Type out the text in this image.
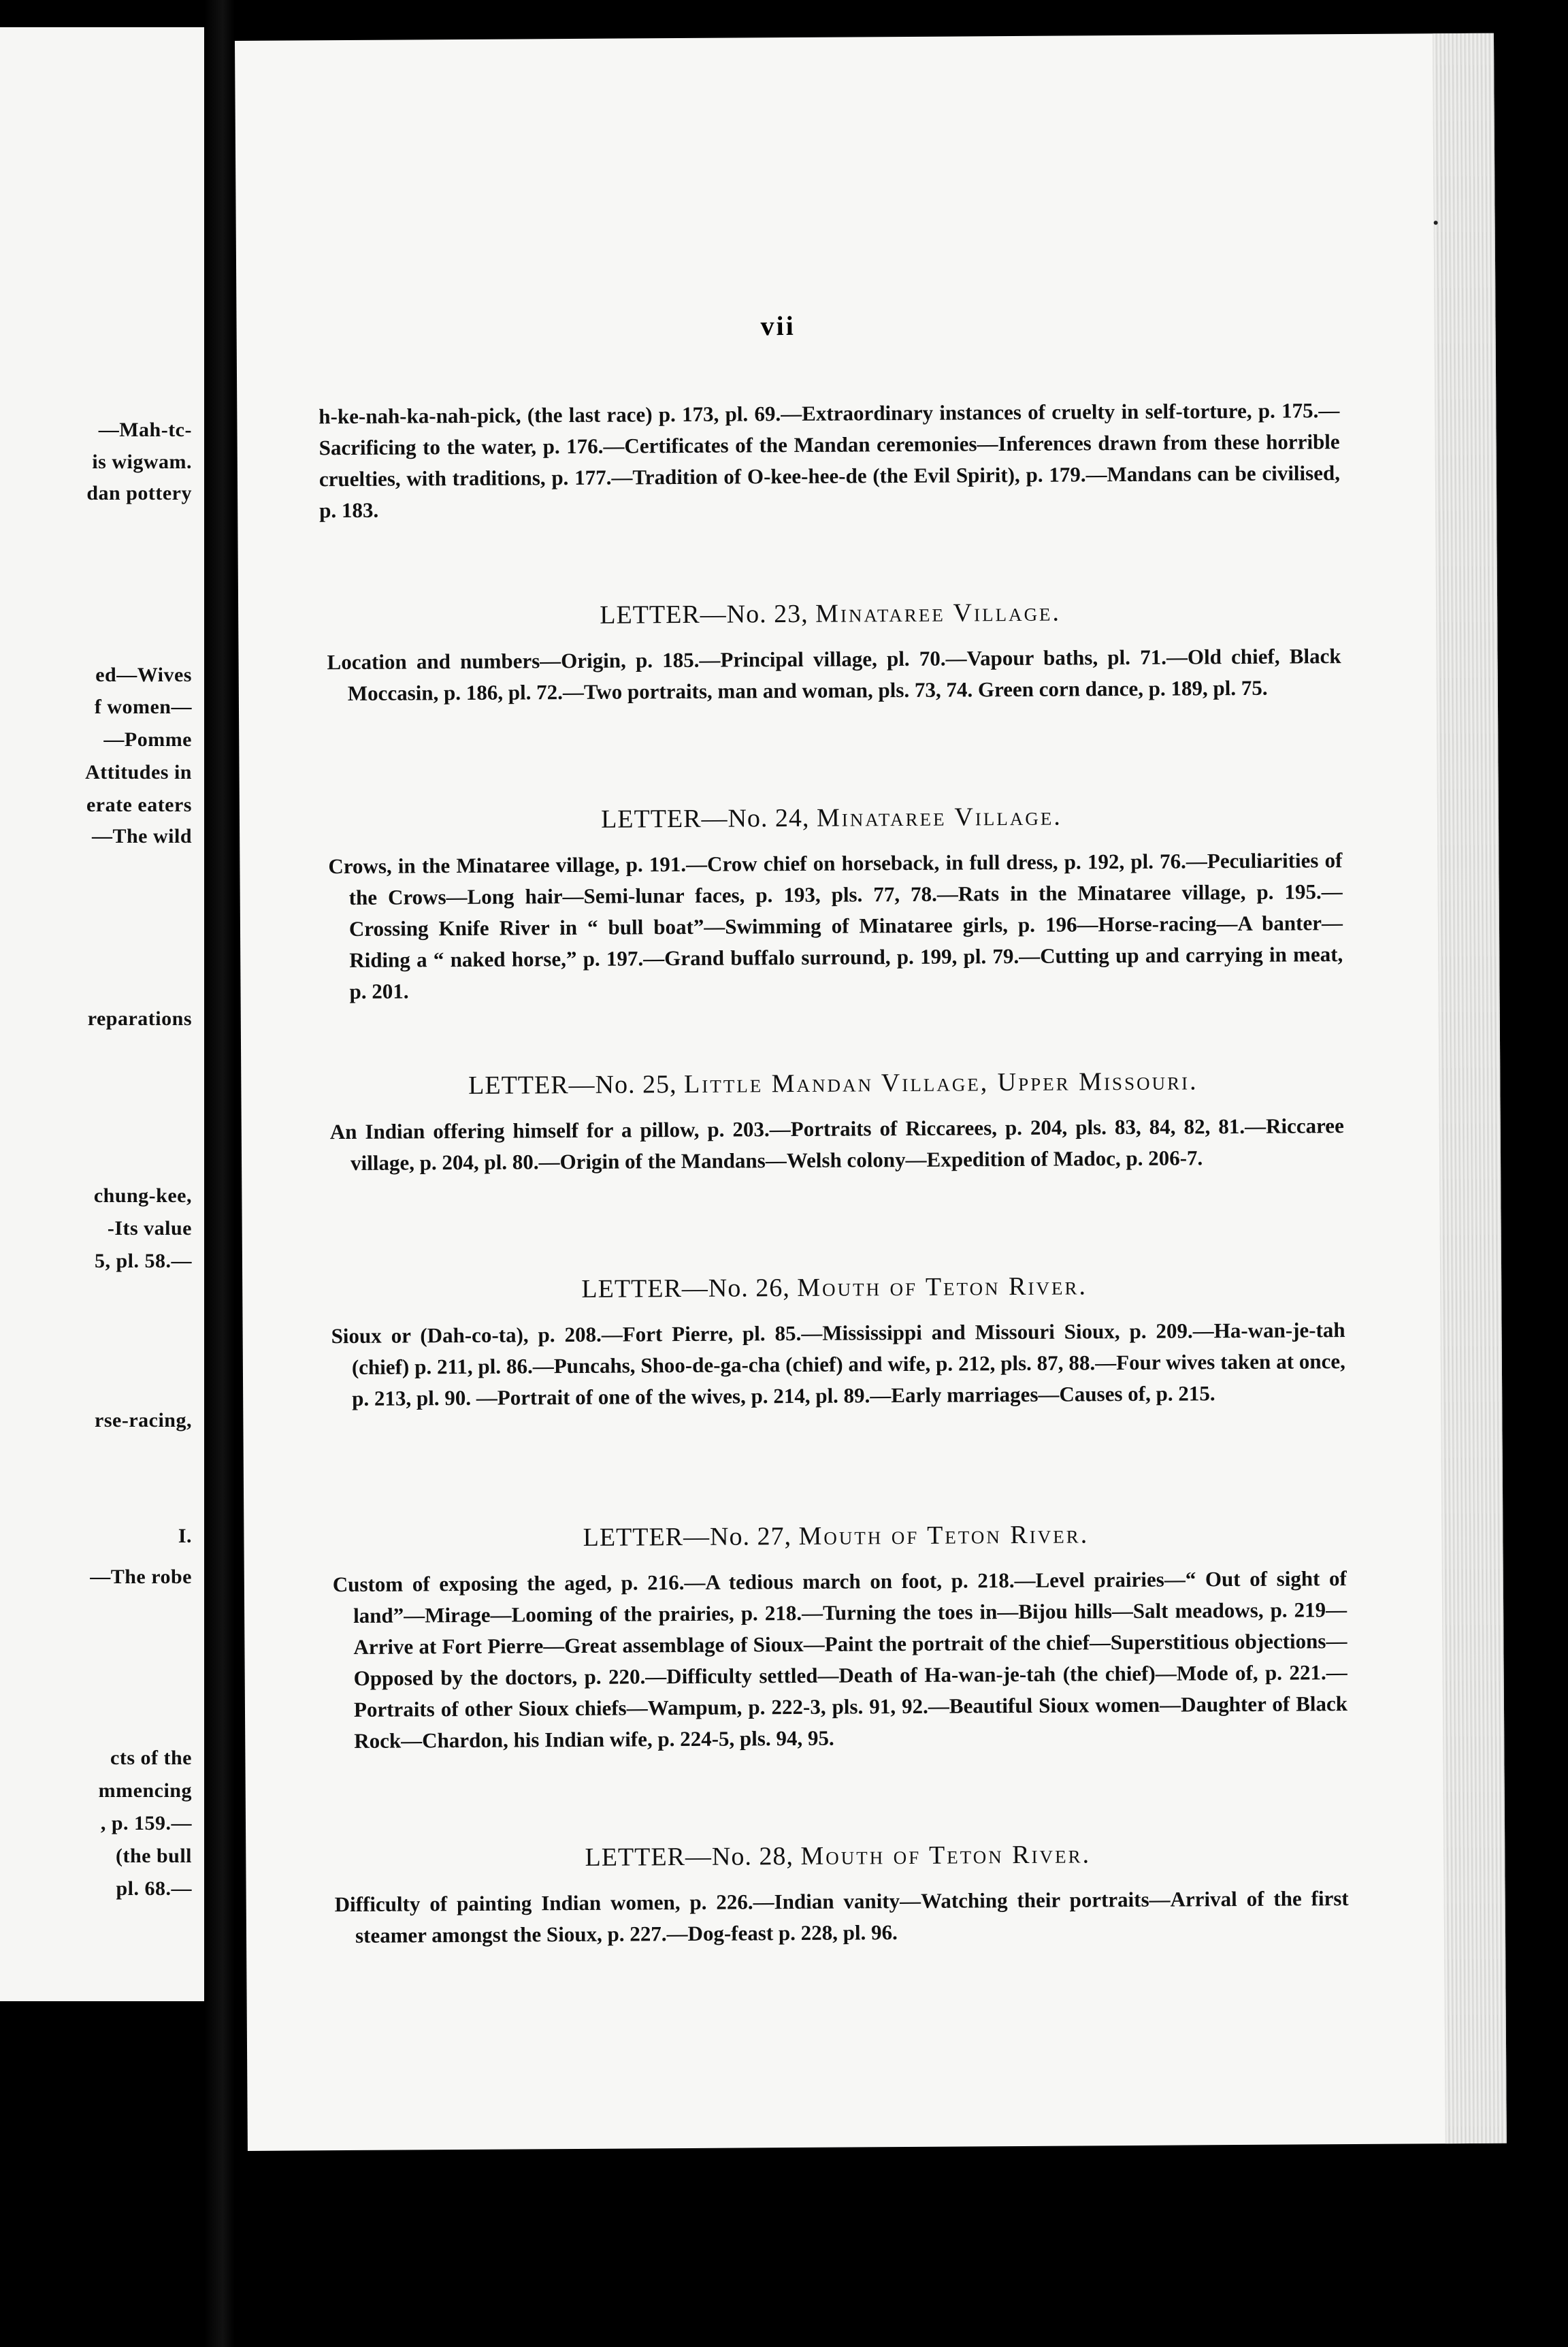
—Mah-tc-
is wigwam.
dan pottery
ed—Wives
f women—
—Pomme
Attitudes in
erate eaters
—The wild
reparations
chung-kee,
-Its value
5, pl. 58.—
rse-racing,
I.
—The robe
cts of the
mmencing
, p. 159.—
(the bull
pl. 68.—
vii

h-ke-nah-ka-nah-pick, (the last race) p. 173, pl. 69.—Extraordinary instances of cruelty in self-torture, p. 175.—Sacrificing to the water, p. 176.—Certificates of the Mandan ceremonies—Inferences drawn from these horrible cruelties, with traditions, p. 177.—Tradition of O-kee-hee-de (the Evil Spirit), p. 179.—Mandans can be civilised, p. 183.

LETTER—No. 23, Minataree Village.

Location and numbers—Origin, p. 185.—Principal village, pl. 70.—Vapour baths, pl. 71.—Old chief, Black Moccasin, p. 186, pl. 72.—Two portraits, man and woman, pls. 73, 74. Green corn dance, p. 189, pl. 75.

LETTER—No. 24, Minataree Village.

Crows, in the Minataree village, p. 191.—Crow chief on horseback, in full dress, p. 192, pl. 76.—Peculiarities of the Crows—Long hair—Semi-lunar faces, p. 193, pls. 77, 78.—Rats in the Minataree village, p. 195.—Crossing Knife River in “ bull boat”—Swimming of Minataree girls, p. 196—Horse-racing—A banter—Riding a “ naked horse,” p. 197.—Grand buffalo surround, p. 199, pl. 79.—Cutting up and carrying in meat, p. 201.

LETTER—No. 25, Little Mandan Village, Upper Missouri.

An Indian offering himself for a pillow, p. 203.—Portraits of Riccarees, p. 204, pls. 83, 84, 82, 81.—Riccaree village, p. 204, pl. 80.—Origin of the Mandans—Welsh colony—Expedition of Madoc, p. 206-7.

LETTER—No. 26, Mouth of Teton River.

Sioux or (Dah-co-ta), p. 208.—Fort Pierre, pl. 85.—Mississippi and Missouri Sioux, p. 209.—Ha-wan-je-tah (chief) p. 211, pl. 86.—Puncahs, Shoo-de-ga-cha (chief) and wife, p. 212, pls. 87, 88.—Four wives taken at once, p. 213, pl. 90. —Portrait of one of the wives, p. 214, pl. 89.—Early marriages—Causes of, p. 215.

LETTER—No. 27, Mouth of Teton River.

Custom of exposing the aged, p. 216.—A tedious march on foot, p. 218.—Level prairies—“ Out of sight of land”—Mirage—Looming of the prairies, p. 218.—Turning the toes in—Bijou hills—Salt meadows, p. 219—Arrive at Fort Pierre—Great assemblage of Sioux—Paint the portrait of the chief—Superstitious objections—Opposed by the doctors, p. 220.—Difficulty settled—Death of Ha-wan-je-tah (the chief)—Mode of, p. 221.—Portraits of other Sioux chiefs—Wampum, p. 222-3, pls. 91, 92.—Beautiful Sioux women—Daughter of Black Rock—Chardon, his Indian wife, p. 224-5, pls. 94, 95.

LETTER—No. 28, Mouth of Teton River.

Difficulty of painting Indian women, p. 226.—Indian vanity—Watching their portraits—Arrival of the first steamer amongst the Sioux, p. 227.—Dog-feast p. 228, pl. 96.
